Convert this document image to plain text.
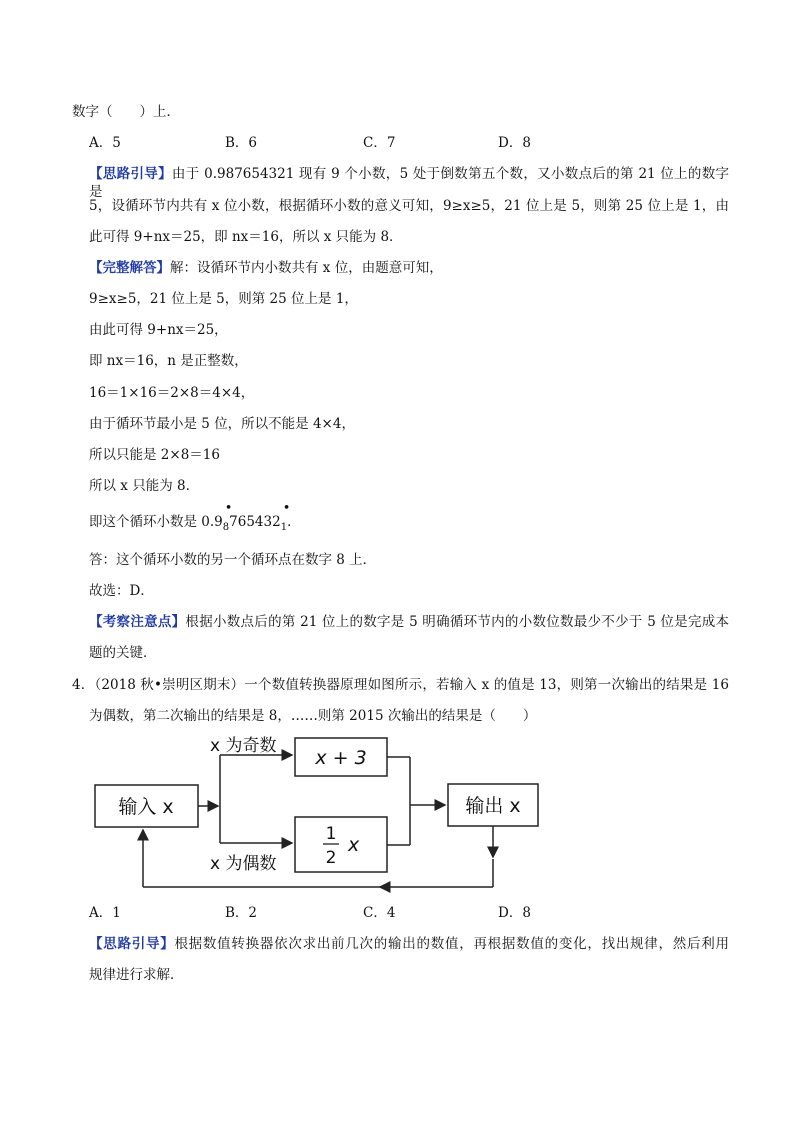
数字（　　）上．
A．5	B．6	C．7	D．8
【思路引导】由于 0.987654321 现有 9 个小数，5 处于倒数第五个数，又小数点后的第 21 位上的数字是
5，设循环节内共有 x 位小数，根据循环小数的意义可知，9≥x≥5，21 位上是 5，则第 25 位上是 1，由
此可得 9+nx＝25，即 nx＝16，所以 x 只能为 8．
【完整解答】解：设循环节内小数共有 x 位，由题意可知，
9≥x≥5，21 位上是 5，则第 25 位上是 1，
由此可得 9+nx＝25，
即 nx＝16，n 是正整数，
16＝1×16＝2×8＝4×4，
由于循环节最小是 5 位，所以不能是 4×4，
所以只能是 2×8＝16
所以 x 只能为 8．
即这个循环小数是 0.9
•
$_8$765432
•
$_1$．
答：这个循环小数的另一个循环点在数字 8 上．
故选：D．
【考察注意点】根据小数点后的第 21 位上的数字是 5 明确循环节内的小数位数最少不少于 5 位是完成本
题的关键．
4．（2018 秋•崇明区期末）一个数值转换器原理如图所示，若输入 x 的值是 13，则第一次输出的结果是 16
为偶数，第二次输出的结果是 8，……则第 2015 次输出的结果是（　　）
输入 x
x 为奇数
x + 3
1
2
x
x 为偶数
输出 x
A．1	B．2	C．4	D．8
【思路引导】根据数值转换器依次求出前几次的输出的数值，再根据数值的变化，找出规律，然后利用
规律进行求解．
